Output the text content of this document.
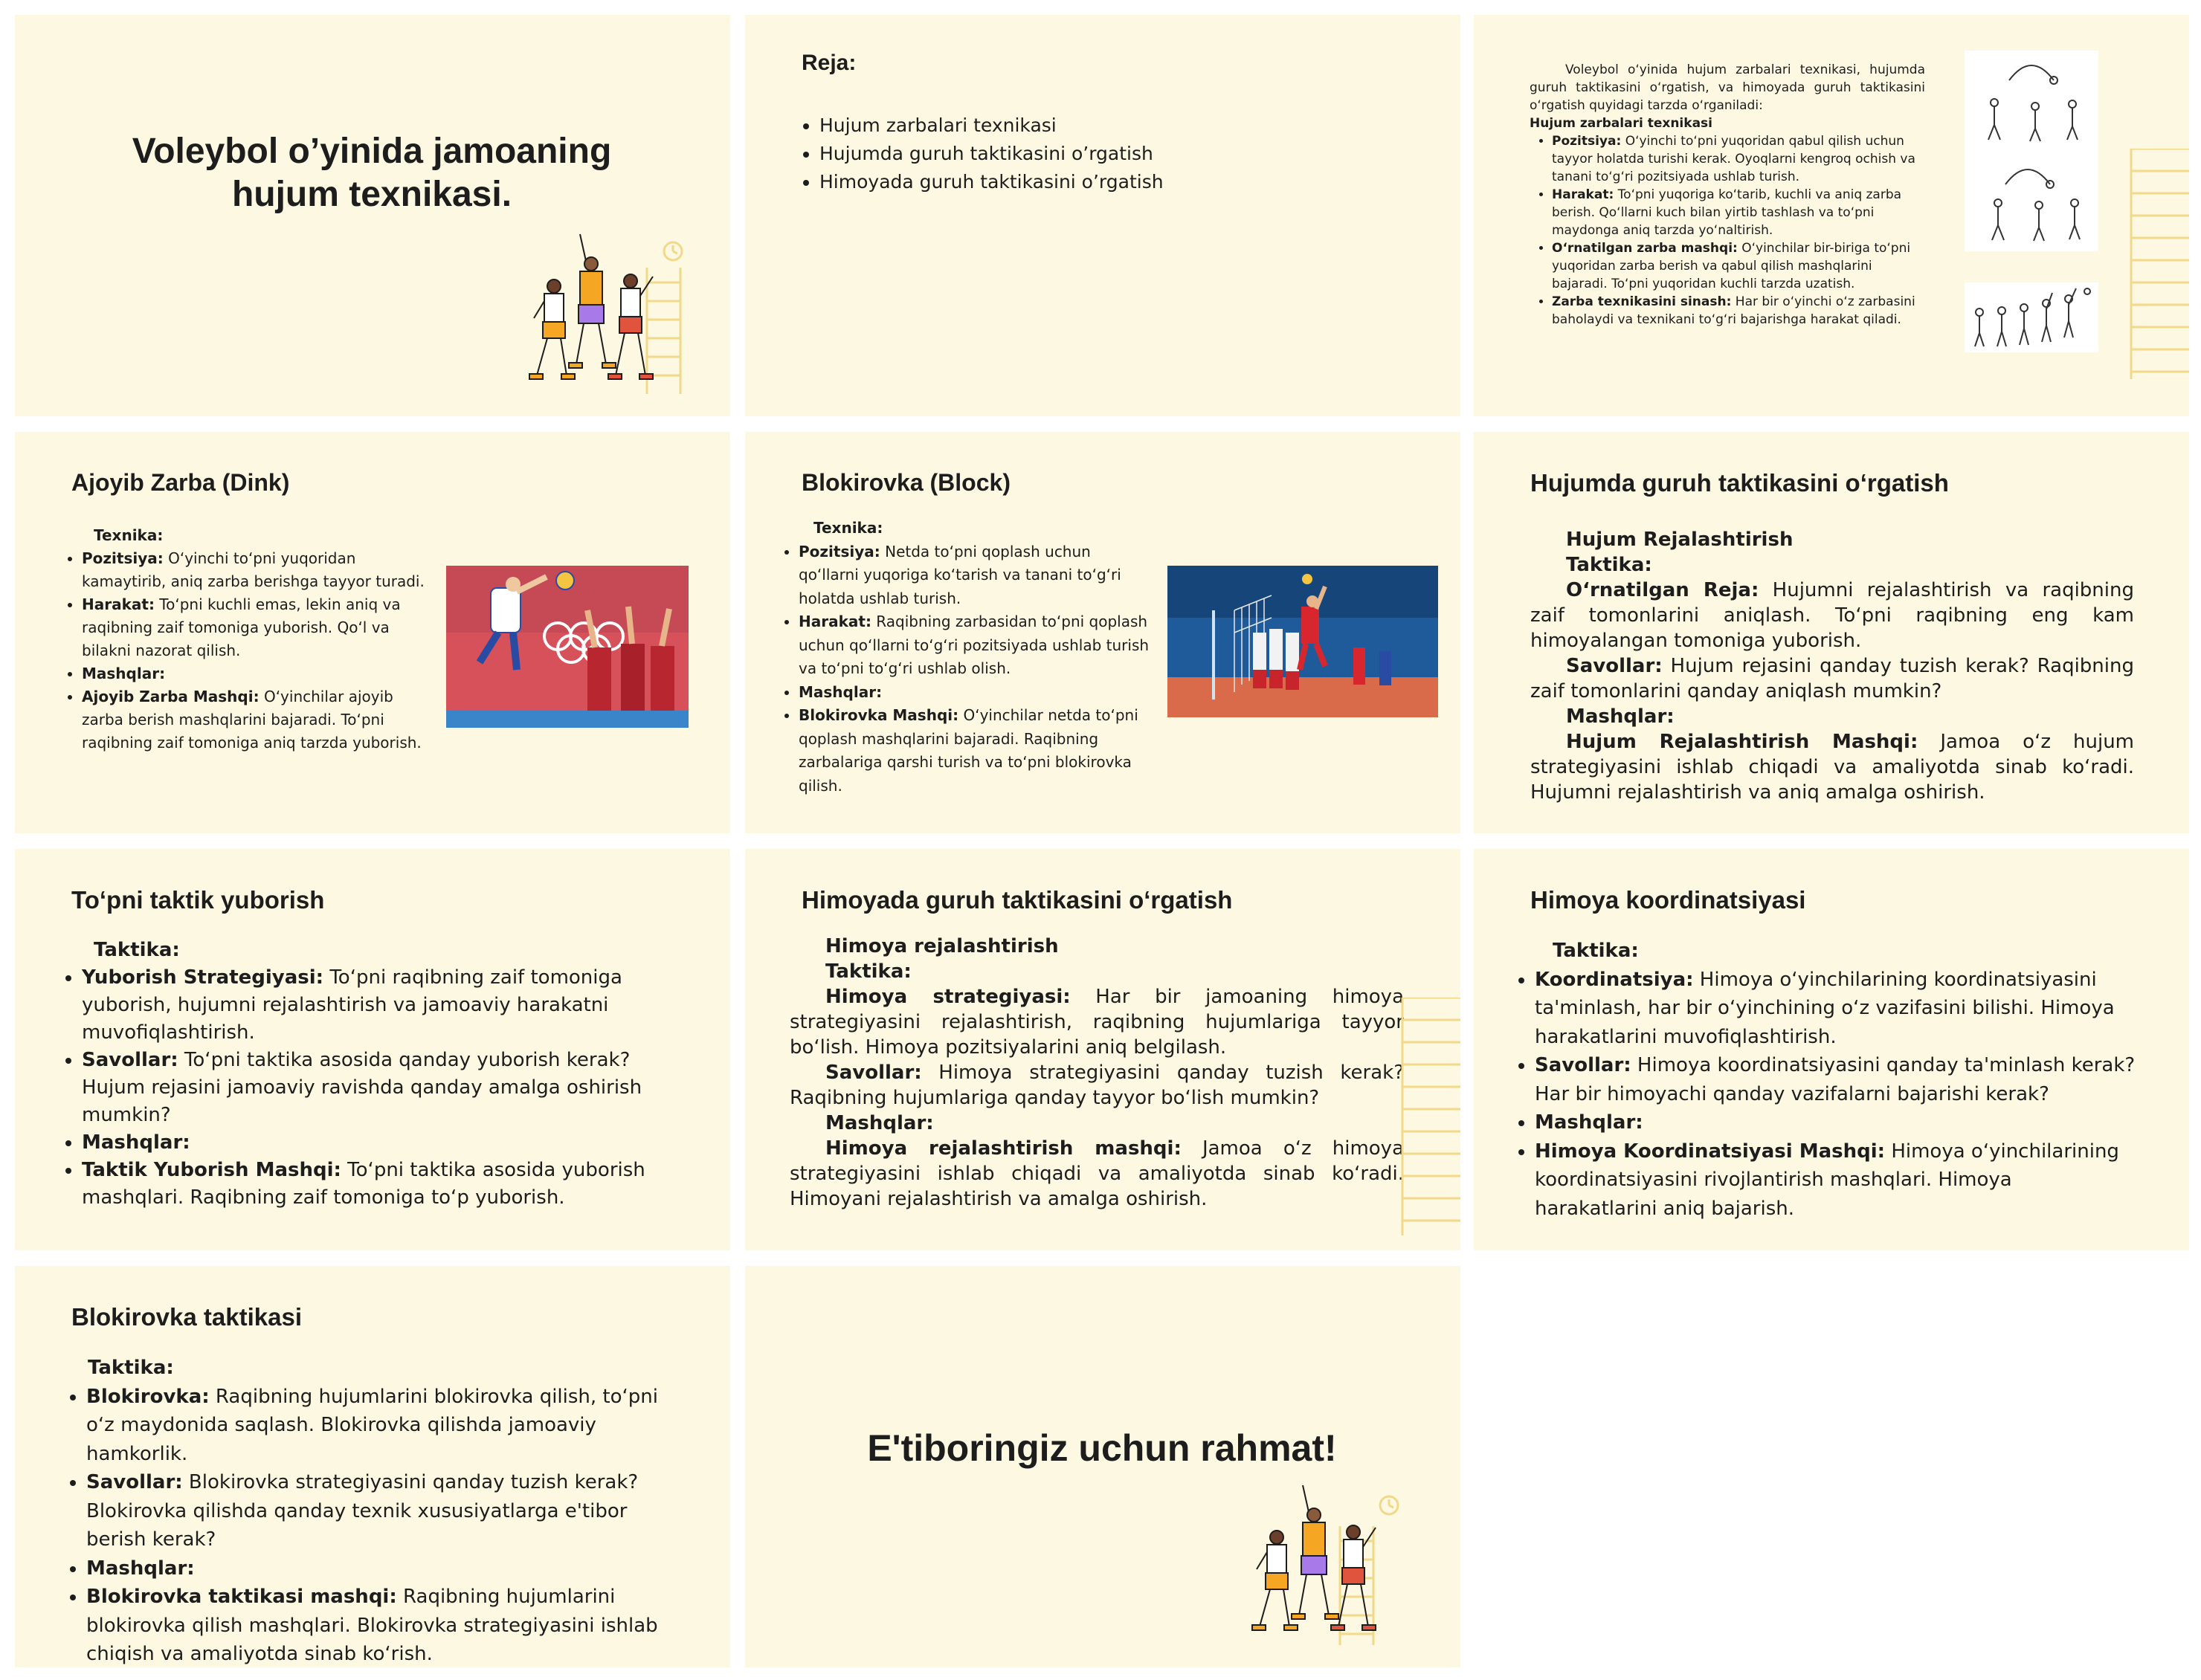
Voleybol o’yinida jamoaning hujum texnikasi.
Reja:
• Hujum zarbalari texnikasi
• Hujumda guruh taktikasini o’rgatish
• Himoyada guruh taktikasini o’rgatish
Voleybol o‘yinida hujum zarbalari texnikasi, hujumda guruh taktikasini o‘rgatish, va himoyada guruh taktikasini o‘rgatish quyidagi tarzda o‘rganiladi:
Hujum zarbalari texnikasi
• Pozitsiya: O‘yinchi to‘pni yuqoridan qabul qilish uchun tayyor holatda turishi kerak. Oyoqlarni kengroq ochish va tanani to‘g‘ri pozitsiyada ushlab turish.
• Harakat: To‘pni yuqoriga ko‘tarib, kuchli va aniq zarba berish. Qo‘llarni kuch bilan yirtib tashlash va to‘pni maydonga aniq tarzda yo‘naltirish.
• O‘rnatilgan zarba mashqi: O‘yinchilar bir-biriga to‘pni yuqoridan zarba berish va qabul qilish mashqlarini bajaradi. To‘pni yuqoridan kuchli tarzda uzatish.
• Zarba texnikasini sinash: Har bir o‘yinchi o‘z zarbasini baholaydi va texnikani to‘g‘ri bajarishga harakat qiladi.
Ajoyib Zarba (Dink)
Texnika:
• Pozitsiya: O‘yinchi to‘pni yuqoridan kamaytirib, aniq zarba berishga tayyor turadi.
• Harakat: To‘pni kuchli emas, lekin aniq va raqibning zaif tomoniga yuborish. Qo‘l va bilakni nazorat qilish.
• Mashqlar:
• Ajoyib Zarba Mashqi: O‘yinchilar ajoyib zarba berish mashqlarini bajaradi. To‘pni raqibning zaif tomoniga aniq tarzda yuborish.
Blokirovka (Block)
Texnika:
• Pozitsiya: Netda to‘pni qoplash uchun qo‘llarni yuqoriga ko‘tarish va tanani to‘g‘ri holatda ushlab turish.
• Harakat: Raqibning zarbasidan to‘pni qoplash uchun qo‘llarni to‘g‘ri pozitsiyada ushlab turish va to‘pni to‘g‘ri ushlab olish.
• Mashqlar:
• Blokirovka Mashqi: O‘yinchilar netda to‘pni qoplash mashqlarini bajaradi. Raqibning zarbalariga qarshi turish va to‘pni blokirovka qilish.
Hujumda guruh taktikasini o‘rgatish
Hujum Rejalashtirish
Taktika:
O‘rnatilgan Reja: Hujumni rejalashtirish va raqibning zaif tomonlarini aniqlash. To‘pni raqibning eng kam himoyalangan tomoniga yuborish.
Savollar: Hujum rejasini qanday tuzish kerak? Raqibning zaif tomonlarini qanday aniqlash mumkin?
Mashqlar:
Hujum Rejalashtirish Mashqi: Jamoa o‘z hujum strategiyasini ishlab chiqadi va amaliyotda sinab ko‘radi. Hujumni rejalashtirish va aniq amalga oshirish.
To‘pni taktik yuborish
Taktika:
• Yuborish Strategiyasi: To‘pni raqibning zaif tomoniga yuborish, hujumni rejalashtirish va jamoaviy harakatni muvofiqlashtirish.
• Savollar: To‘pni taktika asosida qanday yuborish kerak? Hujum rejasini jamoaviy ravishda qanday amalga oshirish mumkin?
• Mashqlar:
• Taktik Yuborish Mashqi: To‘pni taktika asosida yuborish mashqlari. Raqibning zaif tomoniga to‘p yuborish.
Himoyada guruh taktikasini o‘rgatish
Himoya rejalashtirish
Taktika:
Himoya strategiyasi: Har bir jamoaning himoya strategiyasini rejalashtirish, raqibning hujumlariga tayyor bo‘lish. Himoya pozitsiyalarini aniq belgilash.
Savollar: Himoya strategiyasini qanday tuzish kerak? Raqibning hujumlariga qanday tayyor bo‘lish mumkin?
Mashqlar:
Himoya rejalashtirish mashqi: Jamoa o‘z himoya strategiyasini ishlab chiqadi va amaliyotda sinab ko‘radi. Himoyani rejalashtirish va amalga oshirish.
Himoya koordinatsiyasi
Taktika:
• Koordinatsiya: Himoya o‘yinchilarining koordinatsiyasini ta'minlash, har bir o‘yinchining o‘z vazifasini bilishi. Himoya harakatlarini muvofiqlashtirish.
• Savollar: Himoya koordinatsiyasini qanday ta'minlash kerak? Har bir himoyachi qanday vazifalarni bajarishi kerak?
• Mashqlar:
• Himoya Koordinatsiyasi Mashqi: Himoya o‘yinchilarining koordinatsiyasini rivojlantirish mashqlari. Himoya harakatlarini aniq bajarish.
Blokirovka taktikasi
Taktika:
• Blokirovka: Raqibning hujumlarini blokirovka qilish, to‘pni o‘z maydonida saqlash. Blokirovka qilishda jamoaviy hamkorlik.
• Savollar: Blokirovka strategiyasini qanday tuzish kerak? Blokirovka qilishda qanday texnik xususiyatlarga e'tibor berish kerak?
• Mashqlar:
• Blokirovka taktikasi mashqi: Raqibning hujumlarini blokirovka qilish mashqlari. Blokirovka strategiyasini ishlab chiqish va amaliyotda sinab ko‘rish.
E'tiboringiz uchun rahmat!
